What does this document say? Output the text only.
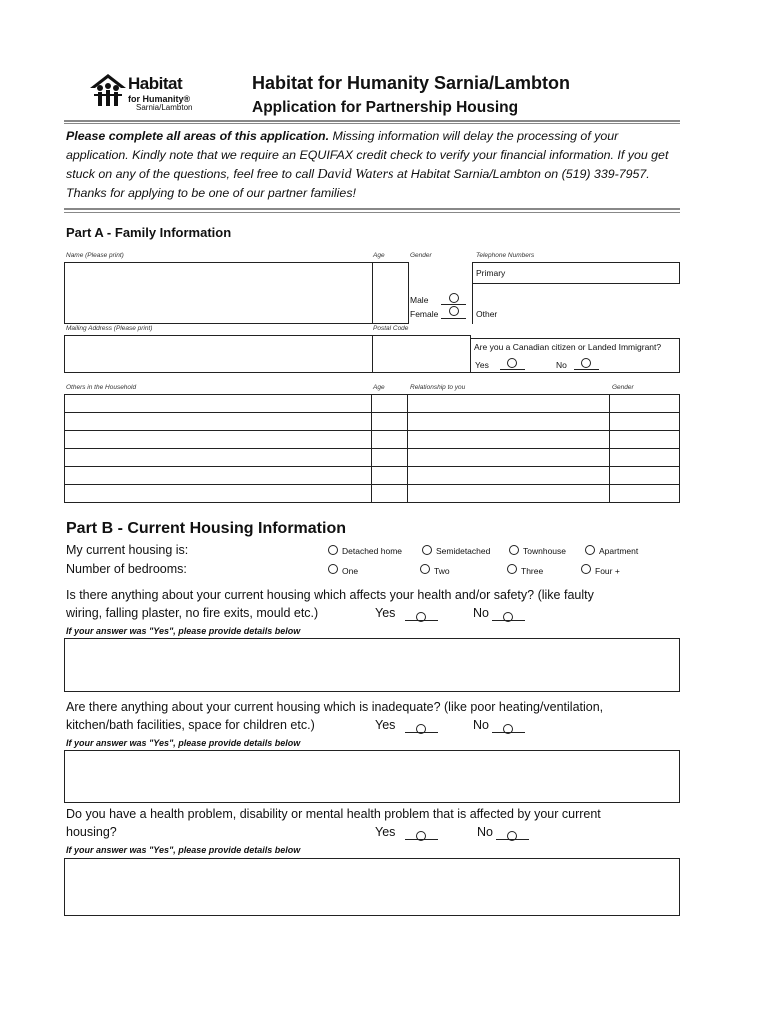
Habitat
for Humanity®
Sarnia/Lambton
Habitat for Humanity Sarnia/Lambton
Application for Partnership Housing
Please complete all areas of this application. Missing information will delay the processing of your application. Kindly note that we require an EQUIFAX credit check to verify your financial information. If you get stuck on any of the questions, feel free to call David Waters at Habitat Sarnia/Lambton on (519) 339-7957. Thanks for applying to be one of our partner families!
Part A - Family Information
Name (Please print)	Age	Gender	Telephone Numbers
Primary
Other
Male
Female
Mailing Address (Please print)	Postal Code
Are you a Canadian citizen or Landed Immigrant?
Yes	No
Others in the Household	Age	Relationship to you	Gender

Part B - Current Housing Information
My current housing is:	Detached home	Semidetached	Townhouse	Apartment
Number of bedrooms:	One	Two	Three	Four +
Is there anything about your current housing which affects your health and/or safety? (like faulty
wiring, falling plaster, no fire exits, mould etc.)	Yes	No
If your answer was "Yes", please provide details below
Are there anything about your current housing which is inadequate? (like poor heating/ventilation,
kitchen/bath facilities, space for children etc.)	Yes	No
If your answer was "Yes", please provide details below
Do you have a health problem, disability or mental health problem that is affected by your current
housing?	Yes	No
If your answer was "Yes", please provide details below
